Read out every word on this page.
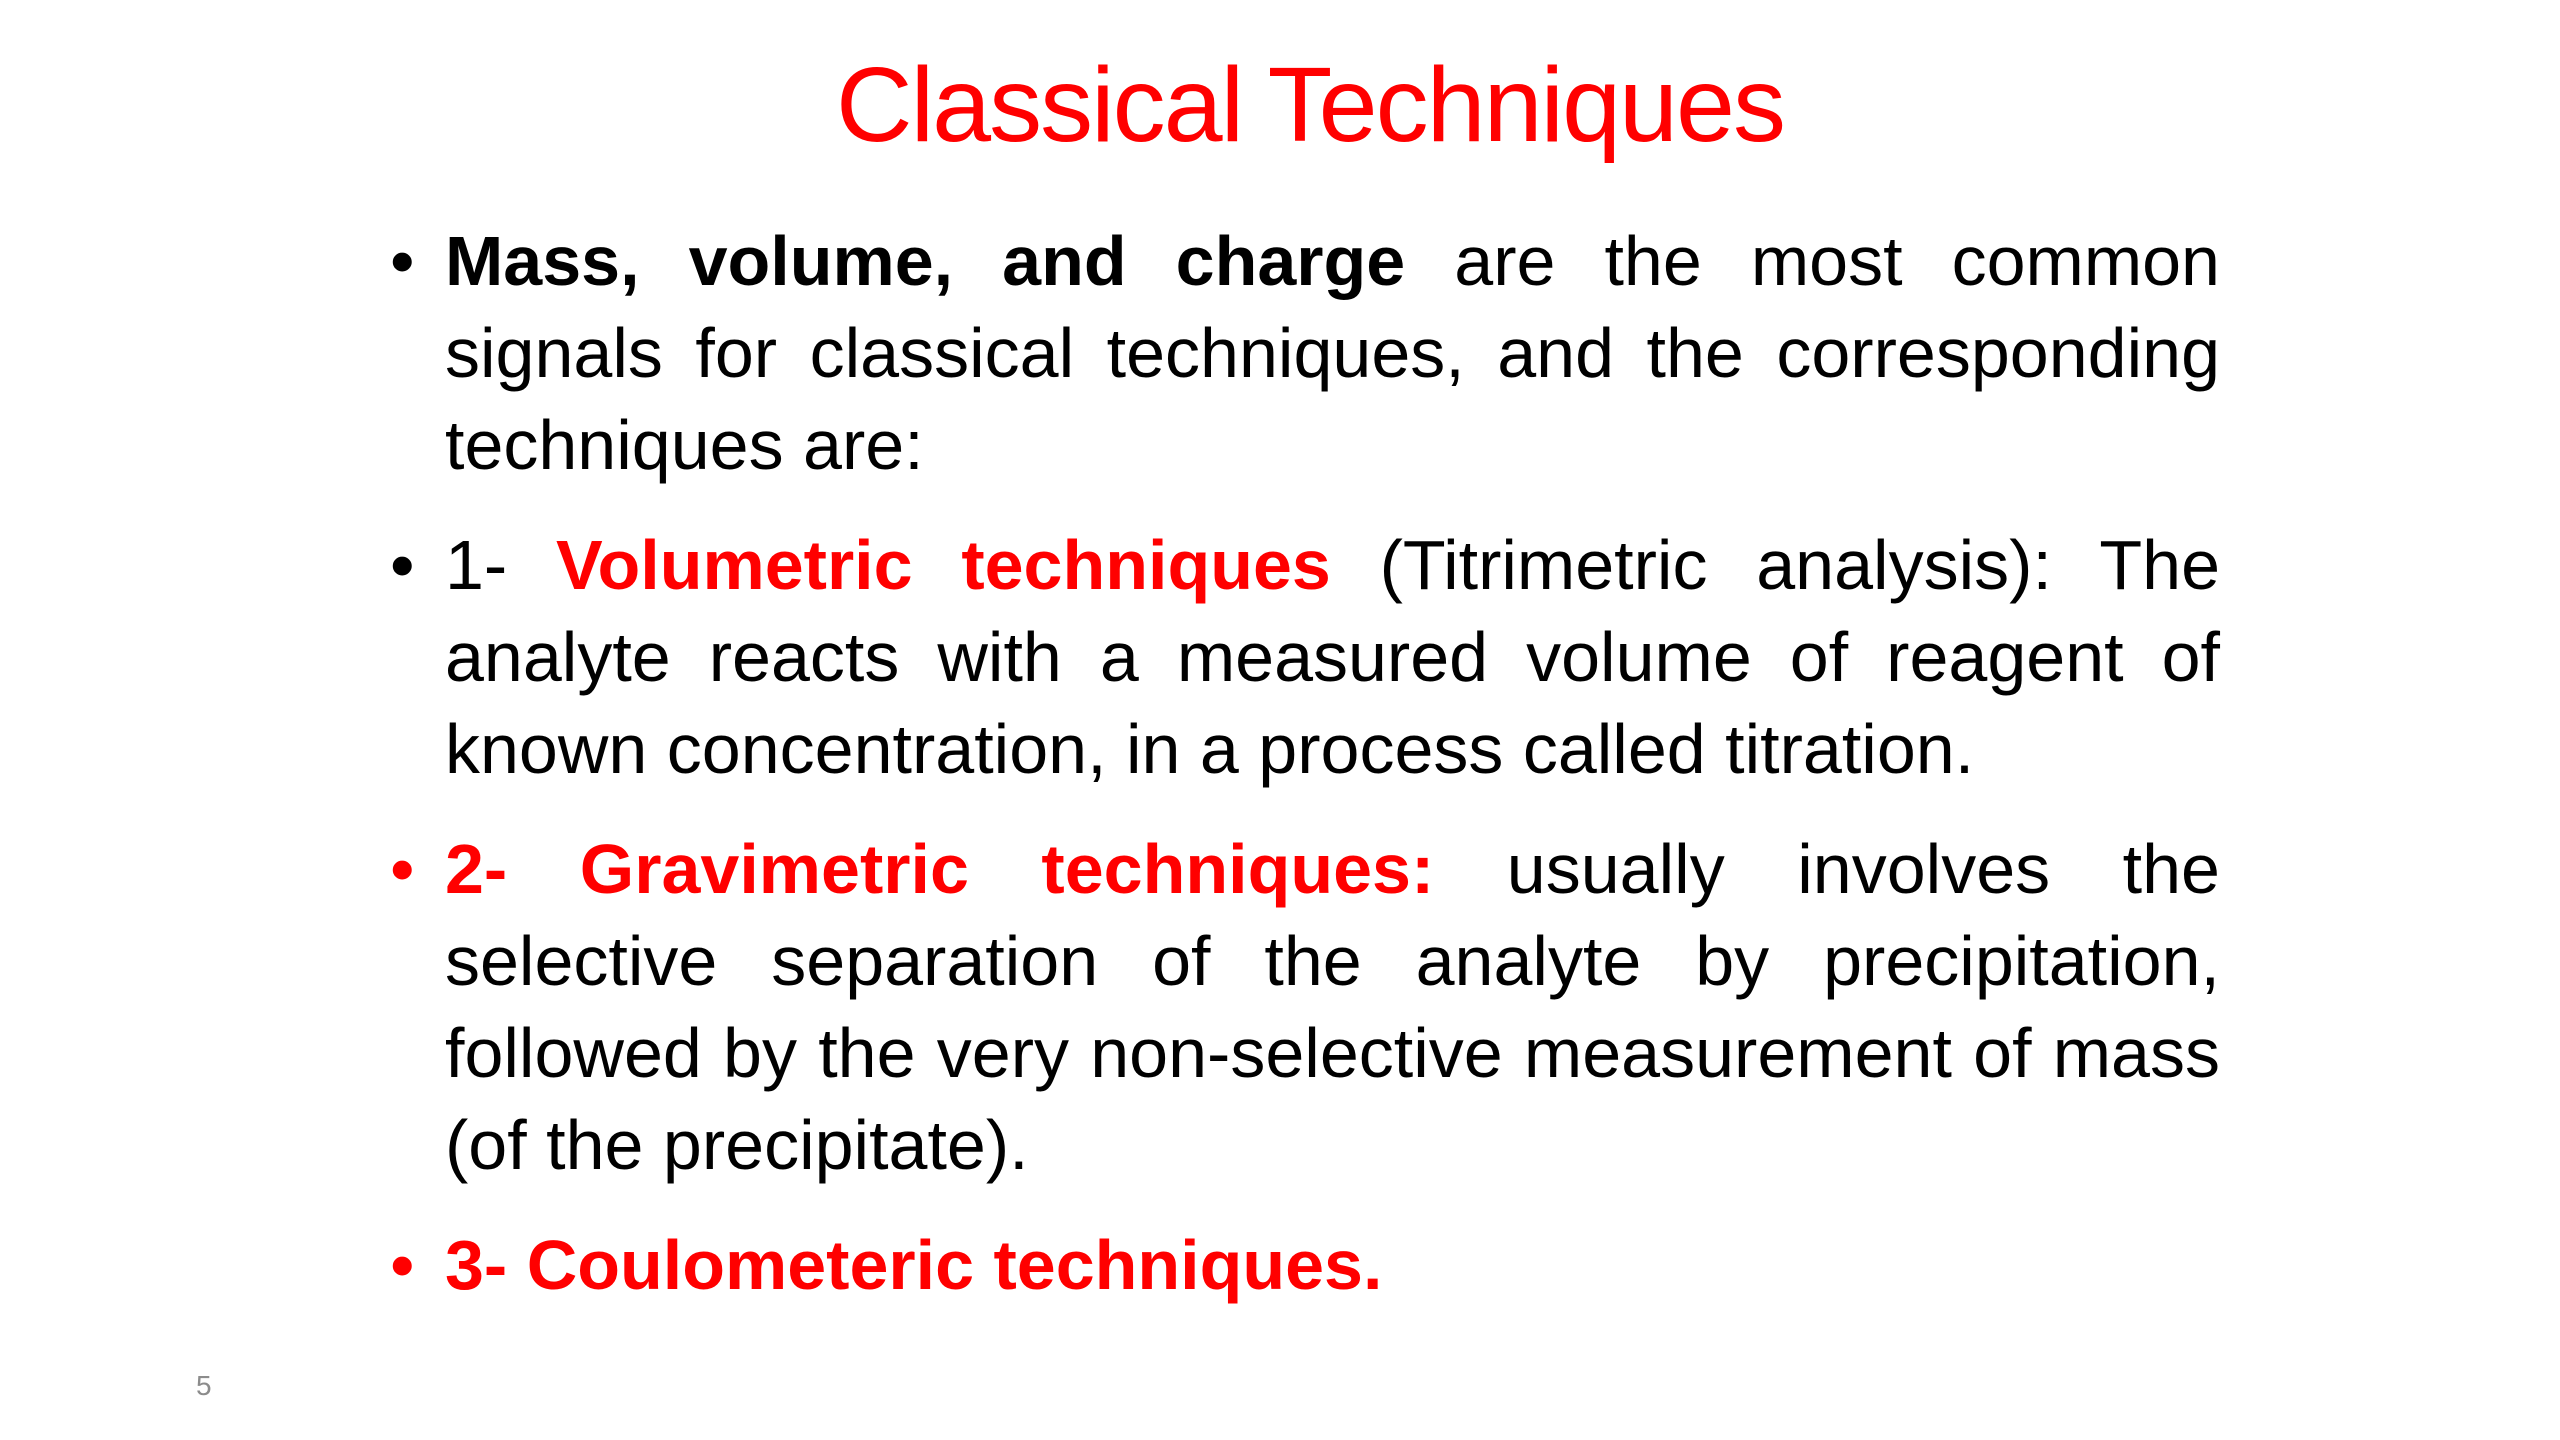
Classical Techniques
• Mass, volume, and charge are the most common signals for classical techniques, and the corresponding techniques are:
• 1- Volumetric techniques (Titrimetric analysis): The analyte reacts with a measured volume of reagent of known concentration, in a process called titration.
• 2- Gravimetric techniques: usually involves the selective separation of the analyte by precipitation, followed by the very non-selective measurement of mass (of the precipitate).
• 3- Coulometeric techniques.
5
